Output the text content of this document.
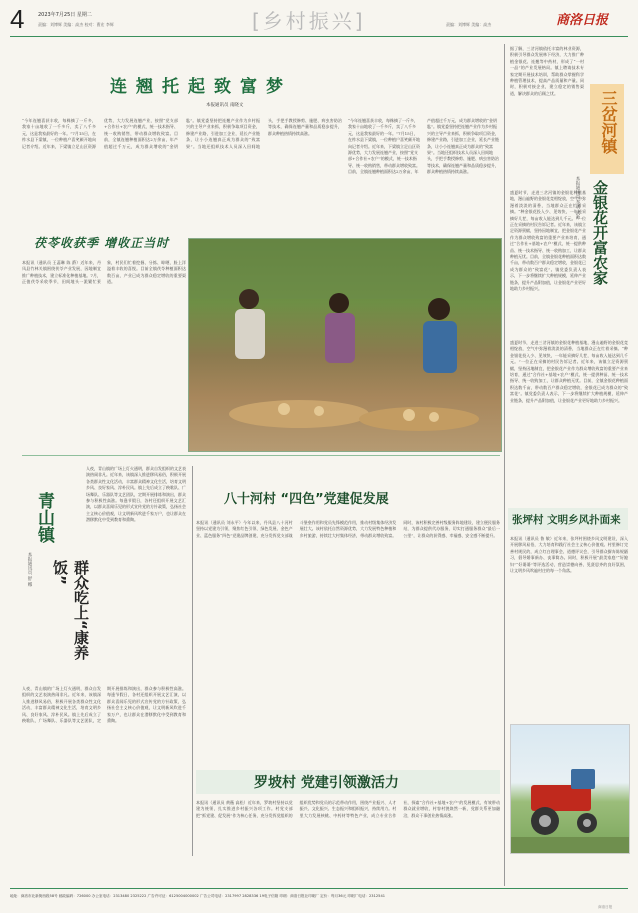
4	2023年7月25日 星期二
责编：刘博辉 美编：高杰 校对：曹宏 李辉	[乡村振兴]	责编：刘博辉 美编：高杰	商洛日报
连翘托起致富梦
本报通讯员 南晓文
“今年连翘喜获丰收，每株摘了一斤多，我家十亩地收了一千多斤，卖了八千多元，这是我家最好的一年。”7月15日，在柞水县下梁镇，一位种植户喜笑颜开地向记者介绍。近年来，下梁镇立足山区资源优势，大力发展连翘产业，按照“党支部+合作社+农户”的模式，统一技术指导、统一收购销售，带动群众增收致富。目前，全镇连翘种植面积达2万余亩，年产值超过千万元，成为群众增收的“金钥匙”。镇党委坚持把连翘产业作为乡村振兴的主导产业来抓，积极争取项目资金，修建产业路，引进加工企业，延长产业链条，让小小连翘真正成为群众的“致富果”。当地还组织技术人员深入田间地头，手把手教授修剪、施肥、病虫害防治等技术，确保连翘产量和品质稳步提升，群众种植热情持续高涨。
“今年连翘喜获丰收，每株摘了一斤多，我家十亩地收了一千多斤，卖了八千多元，这是我家最好的一年。”7月15日，在柞水县下梁镇，一位种植户喜笑颜开地向记者介绍。近年来，下梁镇立足山区资源优势，大力发展连翘产业，按照“党支部+合作社+农户”的模式，统一技术指导、统一收购销售，带动群众增收致富。目前，全镇连翘种植面积达2万余亩，年产值超过千万元，成为群众增收的“金钥匙”。镇党委坚持把连翘产业作为乡村振兴的主导产业来抓，积极争取项目资金，修建产业路，引进加工企业，延长产业链条，让小小连翘真正成为群众的“致富果”。当地还组织技术人员深入田间地头，手把手教授修剪、施肥、病虫害防治等技术，确保连翘产量和品质稳步提升，群众种植热情持续高涨。
茯苓收获季 增收正当时
本报讯（通讯员 王蕊琳 陈 爵）近年来，丹凤县竹林关镇围绕茯苓产业发展，因地制宜推广种植技术，建立标准化种植基地。7月，正值茯苓采收季节，田间地头一派繁忙景象，村民们忙着挖掘、分拣、晾晒，脸上洋溢着丰收的喜悦。目前全镇茯苓种植面积达数百亩，产业已成为群众稳定增收的重要渠道。
人夜，青山镇的广场上灯火通明，群众自发组织的文艺表演热闹非凡。近年来，该镇深入推进移风易俗，积极开展各类群众性文化活动，丰富群众精神文化生活，培育文明乡风、良好家风、淳朴民风。镇上先后成立了秧歌队、广场舞队、乐器队等文艺团队，定期开展排练和演出，群众参与积极性高涨。每逢节假日，各村还组织开展文艺汇演，以群众喜闻乐见的形式宣传党的方针政策，弘扬社会主义核心价值观，让文明新风吹进千家万户，也让群众在潜移默化中受到教育和熏陶。
青山镇
群众吃上“康养饭”
本报通讯员 舒 娜
人夜，青山镇的广场上灯火通明，群众自发组织的文艺表演热闹非凡。近年来，该镇深入推进移风易俗，积极开展各类群众性文化活动，丰富群众精神文化生活，培育文明乡风、良好家风、淳朴民风。镇上先后成立了秧歌队、广场舞队、乐器队等文艺团队，定期开展排练和演出，群众参与积极性高涨。每逢节假日，各村还组织开展文艺汇演，以群众喜闻乐见的形式宣传党的方针政策，弘扬社会主义核心价值观，让文明新风吹进千家万户，也让群众在潜移默化中受到教育和熏陶。
八十河村 “四色”党建促发展
本报讯（通讯员 刘永平）今年以来，丹凤县八十河村坚持以党建为引领，聚焦红色引领、绿色发展、金色产业、蓝色服务“四色”党建品牌创建，充分发挥党支部战斗堡垒作用和党员先锋模范作用，推动村级集体经济发展壮大。该村依托自然资源优势，大力发展特色种植和乡村旅游，持续壮大村集体经济，带动群众增收致富。同时，该村积极完善村级服务阵地建设，建立便民服务站，为群众提供代办服务，切实打通服务群众“最后一公里”，让群众的获得感、幸福感、安全感不断提升。
罗坡村 党建引领激活力
本报讯（通讯员 黄薇 高松）近年来，罗坡村坚持以党建为统领，扎实推进乡村振兴各项工作。村党支部把“抓党建、促发展”作为核心任务，充分发挥党组织的组织优势和党员的示范带动作用，围绕产业振兴、人才振兴、文化振兴、生态振兴和组织振兴，持续用力。村里大力发展核桃、中药材等特色产业，成立专业合作社，探索“合作社+基地+农户”的发展模式，有效带动群众就业增收，村容村貌焕然一新，党群关系更加融洽，群众干事创业热情高涨。
据了解，三岔河镇依托丰富的林业资源，积极引导群众发展林下经济，大力推广种植金银花、连翘等中药材，形成了“一村一品”的产业发展格局。镇上聘请技术专家定期开展技术培训，帮助群众掌握科学种植管理技术，提高产品质量和产量。同时，积极对接企业，建立稳定的销售渠道，解决群众的后顾之忧。	三岔河镇
本报通讯员 李明 武帅 金银花开富农家
盛夏时节，走进三岔河镇的金银花种植基地，漫山遍野的金银花竞相绽放，空气中弥漫着淡淡的清香，当地群众正在忙着采摘。“种金银花投入少、见效快，一年能采摘好几茬，每亩收入能达到几千元。”一位正在采摘的村民告诉记者。近年来，该镇立足资源禀赋，坚持因地制宜，把金银花产业作为群众增收致富的重要产业来培育，通过“合作社+基地+农户”模式，统一提供种苗、统一技术指导、统一收购加工，让群众种植无忧。目前，全镇金银花种植面积达数千亩，带动数百户群众稳定增收，金银花已成为群众的“致富花”。镇党委负责人表示，下一步将继续扩大种植规模，延伸产业链条，提升产品附加值，让金银花产业更好地助力乡村振兴。
盛夏时节，走进三岔河镇的金银花种植基地，漫山遍野的金银花竞相绽放，空气中弥漫着淡淡的清香，当地群众正在忙着采摘。“种金银花投入少、见效快，一年能采摘好几茬，每亩收入能达到几千元。”一位正在采摘的村民告诉记者。近年来，该镇立足资源禀赋，坚持因地制宜，把金银花产业作为群众增收致富的重要产业来培育，通过“合作社+基地+农户”模式，统一提供种苗、统一技术指导、统一收购加工，让群众种植无忧。目前，全镇金银花种植面积达数千亩，带动数百户群众稳定增收，金银花已成为群众的“致富花”。镇党委负责人表示，下一步将继续扩大种植规模，延伸产业链条，提升产品附加值，让金银花产业更好地助力乡村振兴。
张坪村 文明乡风扑面来
本报讯（通讯员 鲁 敏）近年来，张坪村围绕乡风文明建设，深入开展移风易俗，大力培育和践行社会主义核心价值观。村里修订完善村规民约，成立红白理事会、道德评议会，引导群众摒弃陈规陋习，倡导婚事新办、丧事简办。同时，积极开展“最美家庭”“好媳妇”“好婆婆”等评选活动，营造崇德向善、见贤思齐的良好氛围，让文明乡风吹遍村庄的每一个角落。
地址：商洛市北新街西段58号 邮政编码：726000 办公室电话：2313480 2325222 广告许可证：6125004000002 广告公司电话：2317997 2828336 19电子信箱 印刷：商洛日报社印刷厂 定价：每月36元 印刷厂电话：2312541
商洛日报
